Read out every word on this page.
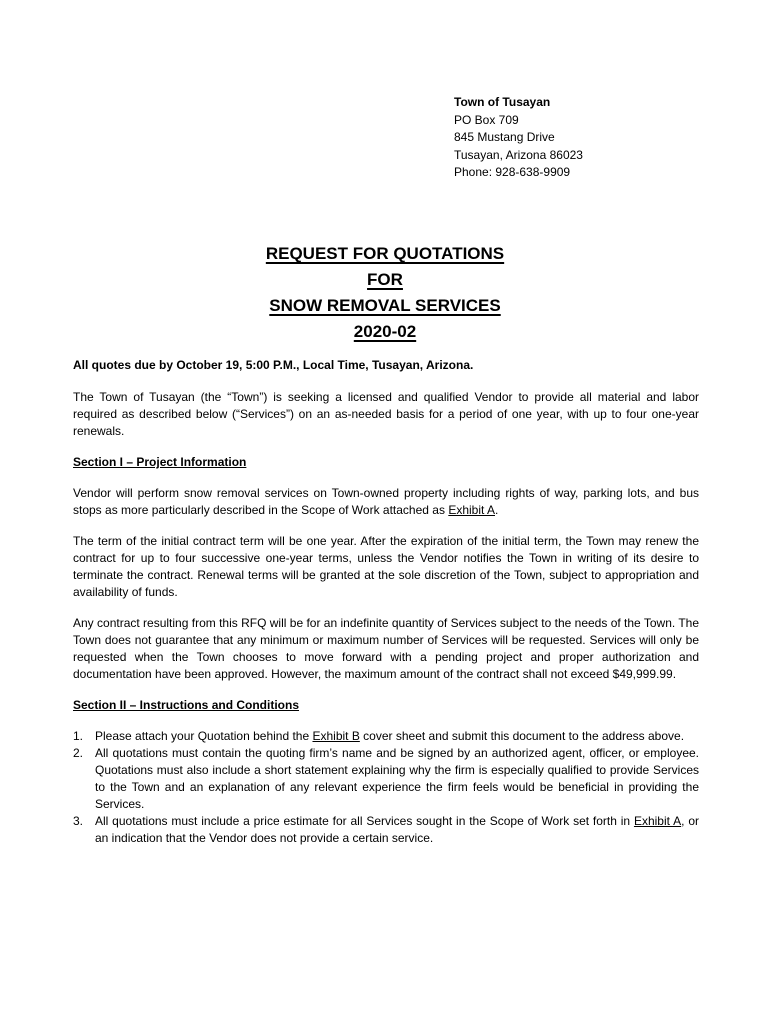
Town of Tusayan
PO Box 709
845 Mustang Drive
Tusayan, Arizona 86023
Phone: 928-638-9909
REQUEST FOR QUOTATIONS
FOR
SNOW REMOVAL SERVICES
2020-02
All quotes due by October 19, 5:00 P.M., Local Time, Tusayan, Arizona.

The Town of Tusayan (the “Town”) is seeking a licensed and qualified Vendor to provide all material and labor required as described below (“Services”) on an as-needed basis for a period of one year, with up to four one-year renewals.

Section I – Project Information

Vendor will perform snow removal services on Town-owned property including rights of way, parking lots, and bus stops as more particularly described in the Scope of Work attached as Exhibit A.

The term of the initial contract term will be one year. After the expiration of the initial term, the Town may renew the contract for up to four successive one-year terms, unless the Vendor notifies the Town in writing of its desire to terminate the contract. Renewal terms will be granted at the sole discretion of the Town, subject to appropriation and availability of funds.

Any contract resulting from this RFQ will be for an indefinite quantity of Services subject to the needs of the Town. The Town does not guarantee that any minimum or maximum number of Services will be requested. Services will only be requested when the Town chooses to move forward with a pending project and proper authorization and documentation have been approved. However, the maximum amount of the contract shall not exceed $49,999.99.

Section II – Instructions and Conditions
1. Please attach your Quotation behind the Exhibit B cover sheet and submit this document to the address above.
2. All quotations must contain the quoting firm’s name and be signed by an authorized agent, officer, or employee. Quotations must also include a short statement explaining why the firm is especially qualified to provide Services to the Town and an explanation of any relevant experience the firm feels would be beneficial in providing the Services.
3. All quotations must include a price estimate for all Services sought in the Scope of Work set forth in Exhibit A, or an indication that the Vendor does not provide a certain service.
